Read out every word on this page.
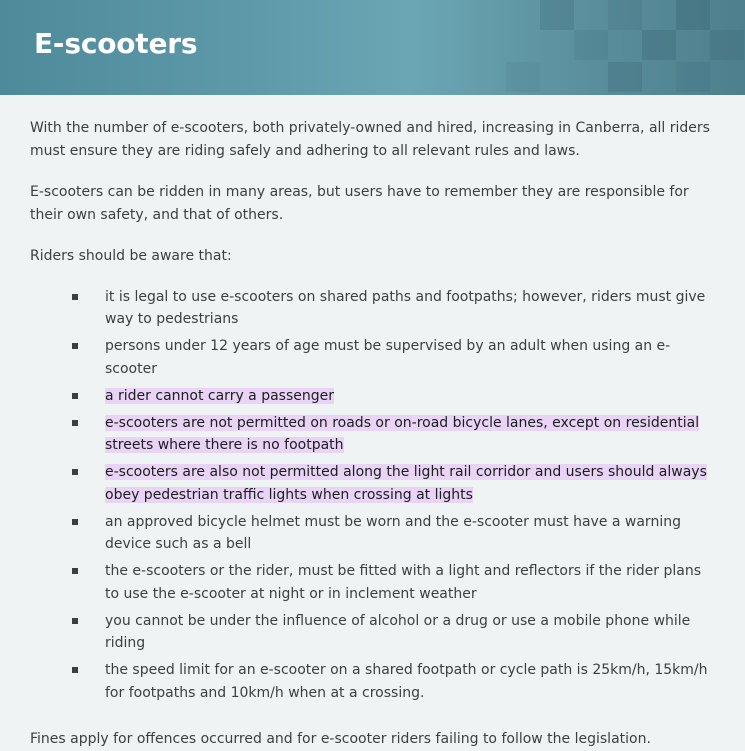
E-scooters

With the number of e-scooters, both privately-owned and hired, increasing in Canberra, all riders must ensure they are riding safely and adhering to all relevant rules and laws.

E-scooters can be ridden in many areas, but users have to remember they are responsible for their own safety, and that of others.

Riders should be aware that:

it is legal to use e-scooters on shared paths and footpaths; however, riders must give way to pedestrians
persons under 12 years of age must be supervised by an adult when using an e-scooter
a rider cannot carry a passenger
e-scooters are not permitted on roads or on-road bicycle lanes, except on residential streets where there is no footpath
e-scooters are also not permitted along the light rail corridor and users should always obey pedestrian traffic lights when crossing at lights
an approved bicycle helmet must be worn and the e-scooter must have a warning device such as a bell
the e-scooters or the rider, must be fitted with a light and reflectors if the rider plans to use the e-scooter at night or in inclement weather
you cannot be under the influence of alcohol or a drug or use a mobile phone while riding
the speed limit for an e-scooter on a shared footpath or cycle path is 25km/h, 15km/h for footpaths and 10km/h when at a crossing.

Fines apply for offences occurred and for e-scooter riders failing to follow the legislation.
